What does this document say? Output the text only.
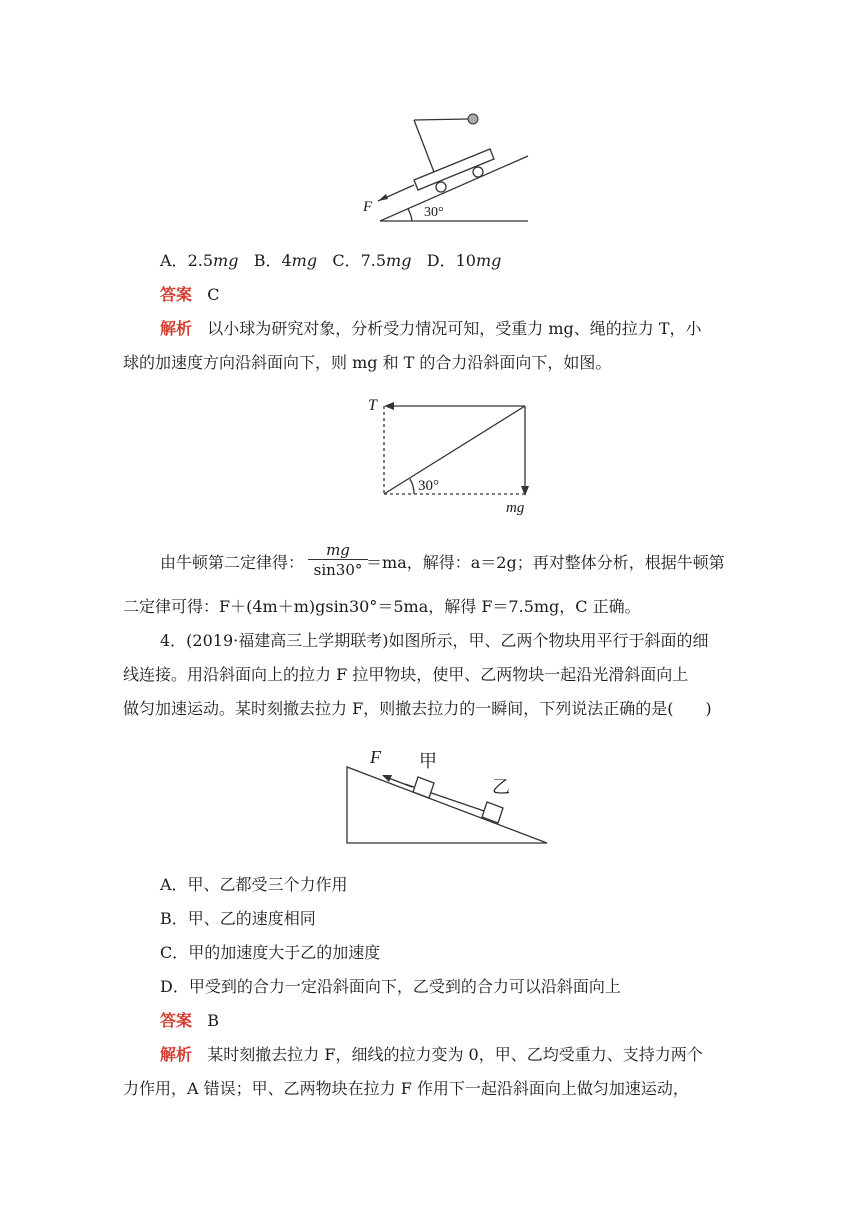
F	30°
A．2.5mg B．4mg C．7.5mg D．10mg
答案 C
解析 以小球为研究对象，分析受力情况可知，受重力 mg、绳的拉力 T，小
球的加速度方向沿斜面向下，则 mg 和 T 的合力沿斜面向下，如图。
T
30°
mg
由牛顿第二定律得：	＝ma，解得：a＝2g；再对整体分析，根据牛顿第
mg
sin30°
二定律可得：F＋(4m＋m)gsin30°＝5ma，解得 F＝7.5mg，C 正确。
4．(2019·福建高三上学期联考)如图所示，甲、乙两个物块用平行于斜面的细
线连接。用沿斜面向上的拉力 F 拉甲物块，使甲、乙两物块一起沿光滑斜面向上
做匀加速运动。某时刻撤去拉力 F，则撤去拉力的一瞬间，下列说法正确的是(　　)
F 甲
乙
A．甲、乙都受三个力作用
B．甲、乙的速度相同
C．甲的加速度大于乙的加速度
D．甲受到的合力一定沿斜面向下，乙受到的合力可以沿斜面向上
答案 B
解析 某时刻撤去拉力 F，细线的拉力变为 0，甲、乙均受重力、支持力两个
力作用，A 错误；甲、乙两物块在拉力 F 作用下一起沿斜面向上做匀加速运动，
